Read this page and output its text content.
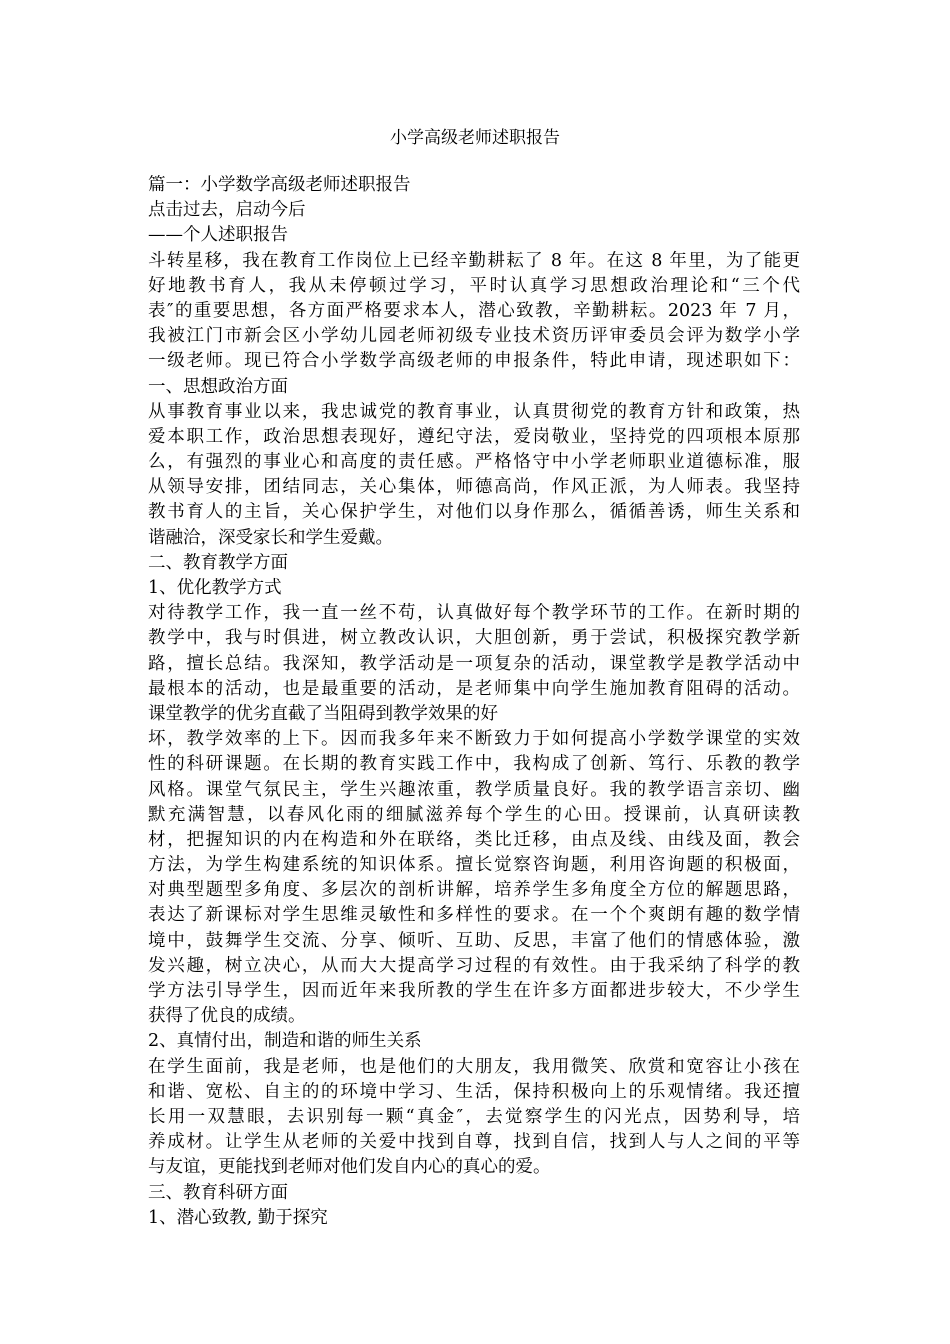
小学高级老师述职报告
篇一：小学数学高级老师述职报告
点击过去，启动今后
——个人述职报告
斗转星移，我在教育工作岗位上已经辛勤耕耘了 8 年。在这 8 年里，为了能更
好地教书育人，我从未停顿过学习，平时认真学习思想政治理论和“三个代
表″的重要思想，各方面严格要求本人，潜心致教，辛勤耕耘。2023 年 7 月，
我被江门市新会区小学幼儿园老师初级专业技术资历评审委员会评为数学小学
一级老师。现已符合小学数学高级老师的申报条件，特此申请，现述职如下：
一、思想政治方面
从事教育事业以来，我忠诚党的教育事业，认真贯彻党的教育方针和政策，热
爱本职工作，政治思想表现好，遵纪守法，爱岗敬业，坚持党的四项根本原那
么，有强烈的事业心和高度的责任感。严格恪守中小学老师职业道德标准，服
从领导安排，团结同志，关心集体，师德高尚，作风正派，为人师表。我坚持
教书育人的主旨，关心保护学生，对他们以身作那么，循循善诱，师生关系和
谐融洽，深受家长和学生爱戴。
二、教育教学方面
1、优化教学方式
对待教学工作，我一直一丝不苟，认真做好每个教学环节的工作。在新时期的
教学中，我与时俱进，树立教改认识，大胆创新，勇于尝试，积极探究教学新
路，擅长总结。我深知，教学活动是一项复杂的活动，课堂教学是教学活动中
最根本的活动，也是最重要的活动，是老师集中向学生施加教育阻碍的活动。
课堂教学的优劣直截了当阻碍到教学效果的好
坏，教学效率的上下。因而我多年来不断致力于如何提高小学数学课堂的实效
性的科研课题。在长期的教育实践工作中，我构成了创新、笃行、乐教的教学
风格。课堂气氛民主，学生兴趣浓重，教学质量良好。我的教学语言亲切、幽
默充满智慧，以春风化雨的细腻滋养每个学生的心田。授课前，认真研读教
材，把握知识的内在构造和外在联络，类比迁移，由点及线、由线及面，教会
方法，为学生构建系统的知识体系。擅长觉察咨询题，利用咨询题的积极面，
对典型题型多角度、多层次的剖析讲解，培养学生多角度全方位的解题思路，
表达了新课标对学生思维灵敏性和多样性的要求。在一个个爽朗有趣的数学情
境中，鼓舞学生交流、分享、倾听、互助、反思，丰富了他们的情感体验，激
发兴趣，树立决心，从而大大提高学习过程的有效性。由于我采纳了科学的教
学方法引导学生，因而近年来我所教的学生在许多方面都进步较大，不少学生
获得了优良的成绩。
2、真情付出，制造和谐的师生关系
在学生面前，我是老师，也是他们的大朋友，我用微笑、欣赏和宽容让小孩在
和谐、宽松、自主的的环境中学习、生活，保持积极向上的乐观情绪。我还擅
长用一双慧眼，去识别每一颗“真金″，去觉察学生的闪光点，因势利导，培
养成材。让学生从老师的关爱中找到自尊，找到自信，找到人与人之间的平等
与友谊，更能找到老师对他们发自内心的真心的爱。
三、教育科研方面
1、潜心致教, 勤于探究
